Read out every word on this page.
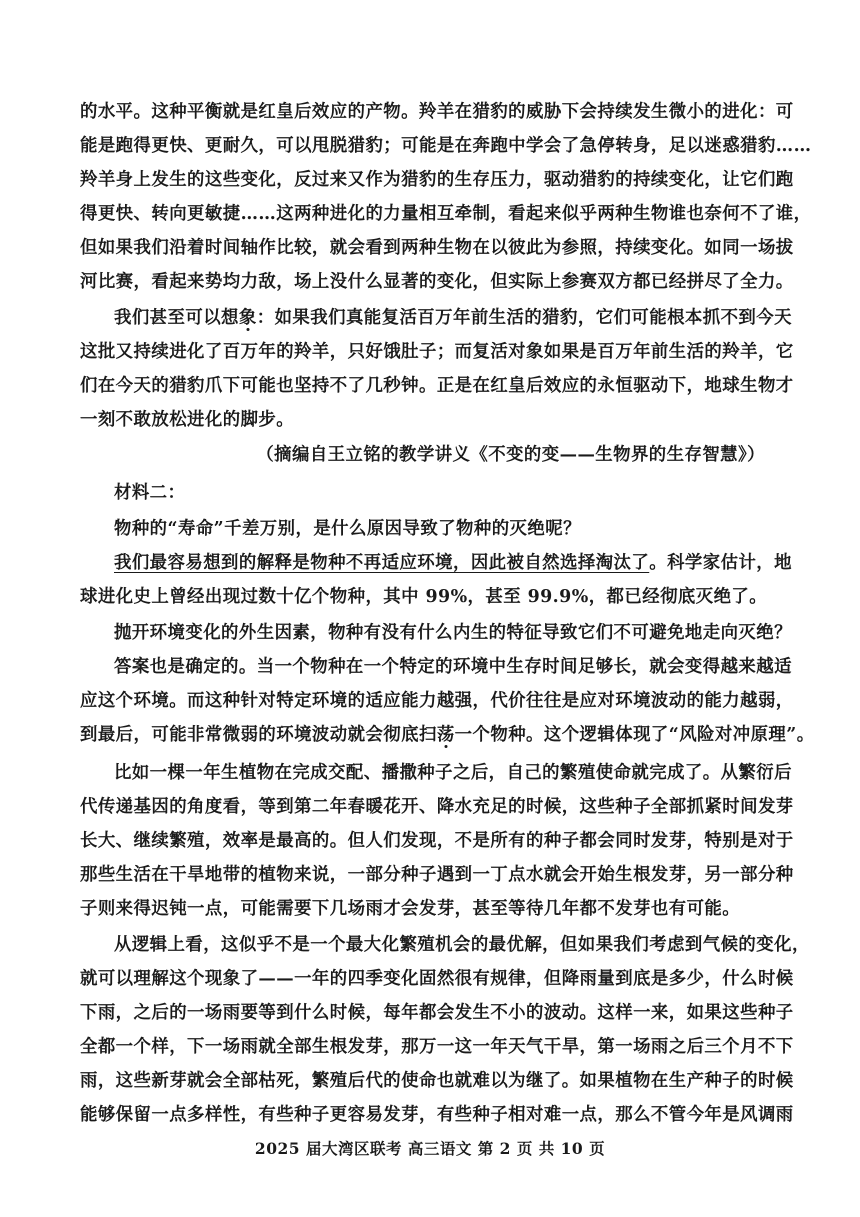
的水平。这种平衡就是红皇后效应的产物。羚羊在猎豹的威胁下会持续发生微小的进化：可
能是跑得更快、更耐久，可以甩脱猎豹；可能是在奔跑中学会了急停转身，足以迷惑猎豹……
羚羊身上发生的这些变化，反过来又作为猎豹的生存压力，驱动猎豹的持续变化，让它们跑
得更快、转向更敏捷……这两种进化的力量相互牵制，看起来似乎两种生物谁也奈何不了谁，
但如果我们沿着时间轴作比较，就会看到两种生物在以彼此为参照，持续变化。如同一场拔
河比赛，看起来势均力敌，场上没什么显著的变化，但实际上参赛双方都已经拼尽了全力。
我们甚至可以想象：如果我们真能复活百万年前生活的猎豹，它们可能根本抓不到今天
这批又持续进化了百万年的羚羊，只好饿肚子；而复活对象如果是百万年前生活的羚羊，它
们在今天的猎豹爪下可能也坚持不了几秒钟。正是在红皇后效应的永恒驱动下，地球生物才
一刻不敢放松进化的脚步。
（摘编自王立铭的教学讲义《不变的变——生物界的生存智慧》）
材料二：
物种的“寿命”千差万别，是什么原因导致了物种的灭绝呢？
我们最容易想到的解释是物种不再适应环境，因此被自然选择淘汰了。科学家估计，地
球进化史上曾经出现过数十亿个物种，其中 99%，甚至 99.9%，都已经彻底灭绝了。
抛开环境变化的外生因素，物种有没有什么内生的特征导致它们不可避免地走向灭绝？
答案也是确定的。当一个物种在一个特定的环境中生存时间足够长，就会变得越来越适
应这个环境。而这种针对特定环境的适应能力越强，代价往往是应对环境波动的能力越弱，
到最后，可能非常微弱的环境波动就会彻底扫荡一个物种。这个逻辑体现了“风险对冲原理”。
比如一棵一年生植物在完成交配、播撒种子之后，自己的繁殖使命就完成了。从繁衍后
代传递基因的角度看，等到第二年春暖花开、降水充足的时候，这些种子全部抓紧时间发芽
长大、继续繁殖，效率是最高的。但人们发现，不是所有的种子都会同时发芽，特别是对于
那些生活在干旱地带的植物来说，一部分种子遇到一丁点水就会开始生根发芽，另一部分种
子则来得迟钝一点，可能需要下几场雨才会发芽，甚至等待几年都不发芽也有可能。
从逻辑上看，这似乎不是一个最大化繁殖机会的最优解，但如果我们考虑到气候的变化，
就可以理解这个现象了——一年的四季变化固然很有规律，但降雨量到底是多少，什么时候
下雨，之后的一场雨要等到什么时候，每年都会发生不小的波动。这样一来，如果这些种子
全都一个样，下一场雨就全部生根发芽，那万一这一年天气干旱，第一场雨之后三个月不下
雨，这些新芽就会全部枯死，繁殖后代的使命也就难以为继了。如果植物在生产种子的时候
能够保留一点多样性，有些种子更容易发芽，有些种子相对难一点，那么不管今年是风调雨
2025 届大湾区联考 高三语文 第 2 页 共 10 页
